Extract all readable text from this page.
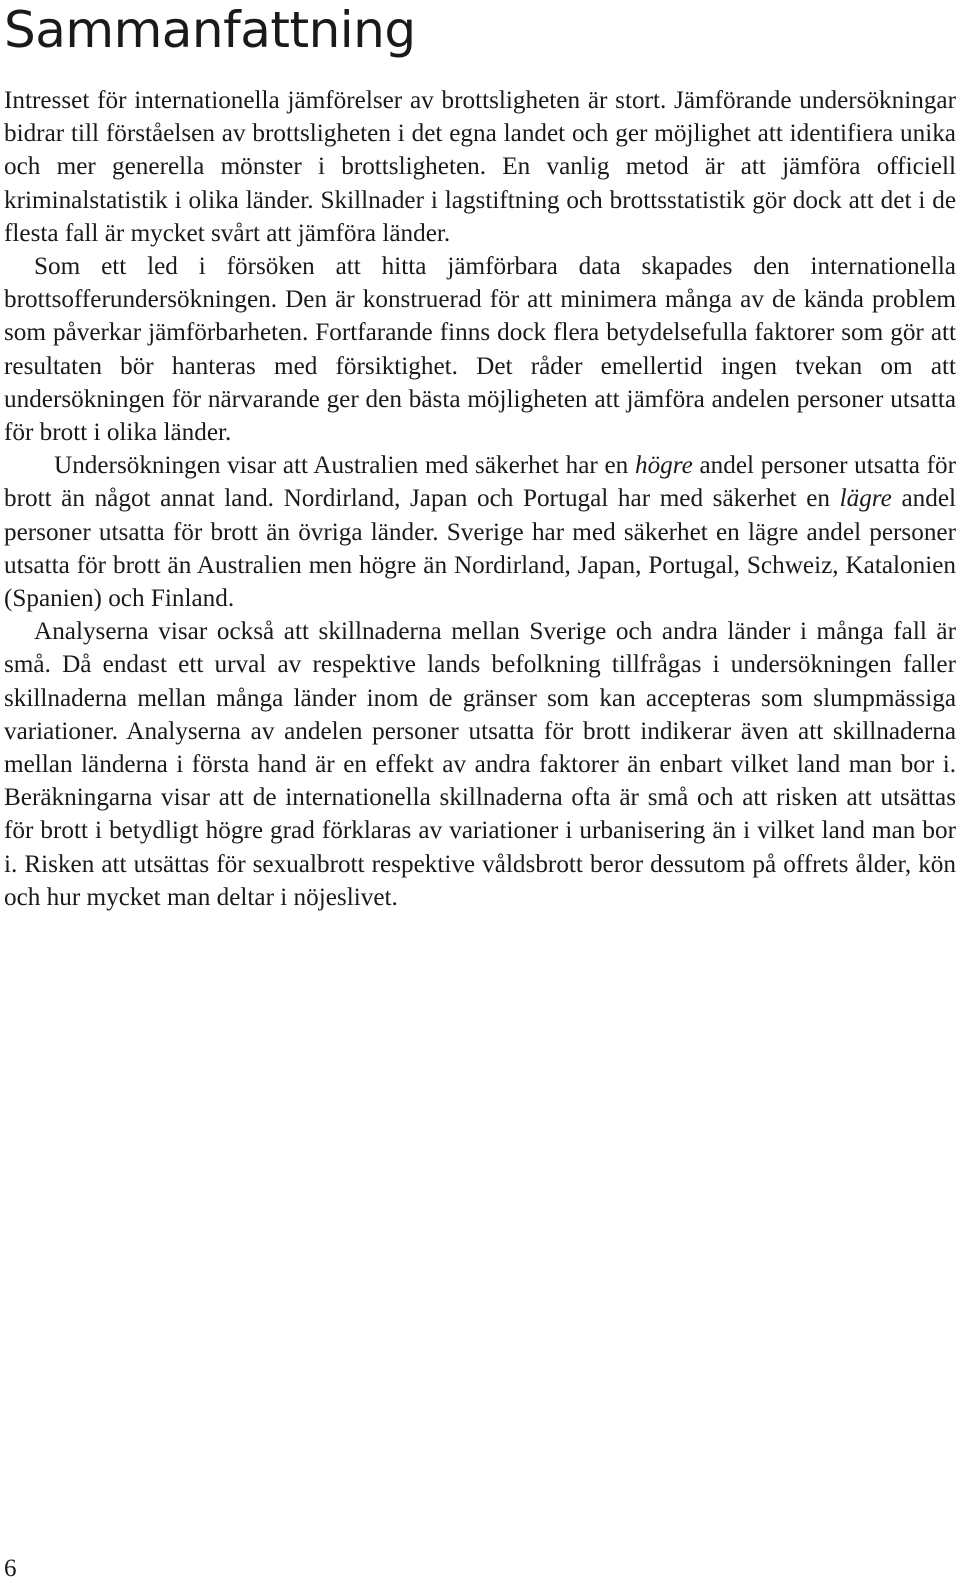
Sammanfattning

Intresset för internationella jämförelser av brottsligheten är stort. Jämförande undersökningar bidrar till förståelsen av brottsligheten i det egna landet och ger möjlighet att identifiera unika och mer generella mönster i brottsligheten. En vanlig metod är att jämföra officiell kriminalstatistik i olika länder. Skillnader i lagstiftning och brottsstatistik gör dock att det i de flesta fall är mycket svårt att jämföra länder.

Som ett led i försöken att hitta jämförbara data skapades den internationella brottsofferundersökningen. Den är konstruerad för att minimera många av de kända problem som påverkar jämförbarheten. Fortfarande finns dock flera betydelsefulla faktorer som gör att resultaten bör hanteras med försiktighet. Det råder emellertid ingen tvekan om att undersökningen för närvarande ger den bästa möjligheten att jämföra andelen personer utsatta för brott i olika länder.

Undersökningen visar att Australien med säkerhet har en högre andel personer utsatta för brott än något annat land. Nordirland, Japan och Portugal har med säkerhet en lägre andel personer utsatta för brott än övriga länder. Sverige har med säkerhet en lägre andel personer utsatta för brott än Australien men högre än Nordirland, Japan, Portugal, Schweiz, Katalonien (Spanien) och Finland.

Analyserna visar också att skillnaderna mellan Sverige och andra länder i många fall är små. Då endast ett urval av respektive lands befolkning tillfrågas i undersökningen faller skillnaderna mellan många länder inom de gränser som kan accepteras som slumpmässiga variationer. Analyserna av andelen personer utsatta för brott indikerar även att skillnaderna mellan länderna i första hand är en effekt av andra faktorer än enbart vilket land man bor i. Beräkningarna visar att de internationella skillnaderna ofta är små och att risken att utsättas för brott i betydligt högre grad förklaras av variationer i urbanisering än i vilket land man bor i. Risken att utsättas för sexualbrott respektive våldsbrott beror dessutom på offrets ålder, kön och hur mycket man deltar i nöjeslivet.

6
